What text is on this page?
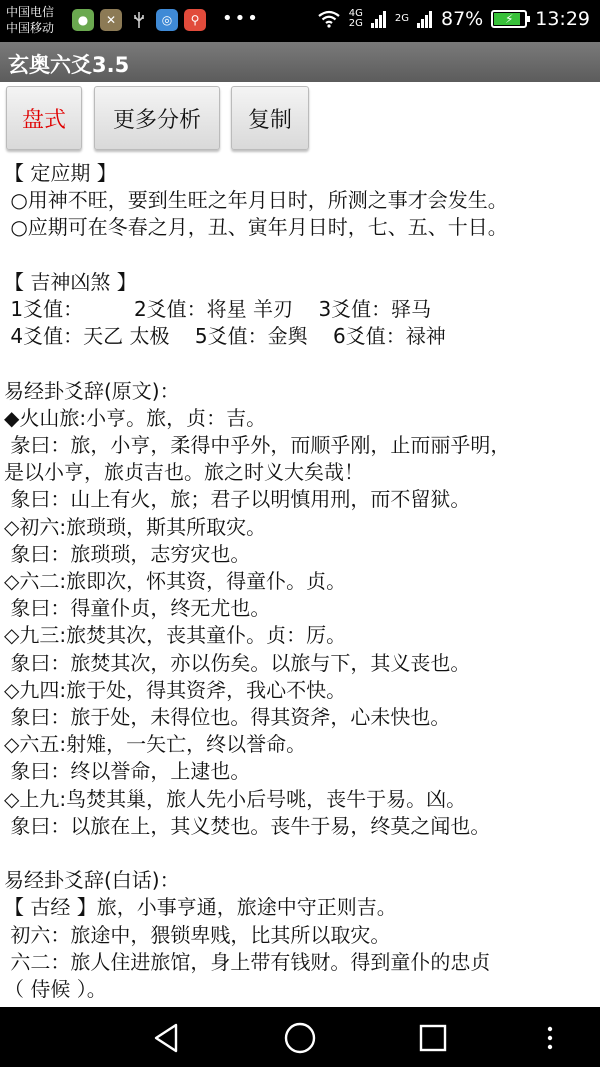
中国电信
中国移动
●	✕	◎	⚲	•••	4G
2G	2G 87% ⚡ 13:29
玄奥六爻3.5
盘式	更多分析	复制
【 定应期 】
○用神不旺，要到生旺之年月日时，所测之事才会发生。
○应期可在冬春之月，丑、寅年月日时，七、五、十日。
【 吉神凶煞 】
1爻值：        2爻值：将星 羊刃    3爻值：驿马
4爻值：天乙 太极    5爻值：金舆    6爻值：禄神
易经卦爻辞(原文)：
◆火山旅:小亨。旅，贞：吉。
彖曰：旅，小亨，柔得中乎外，而顺乎刚，止而丽乎明，
是以小亨，旅贞吉也。旅之时义大矣哉！
象曰：山上有火，旅；君子以明慎用刑，而不留狱。
◇初六:旅琐琐，斯其所取灾。
象曰：旅琐琐，志穷灾也。
◇六二:旅即次，怀其资，得童仆。贞。
象曰：得童仆贞，终无尤也。
◇九三:旅焚其次，丧其童仆。贞：厉。
象曰：旅焚其次，亦以伤矣。以旅与下，其义丧也。
◇九四:旅于处，得其资斧，我心不快。
象曰：旅于处，未得位也。得其资斧，心未快也。
◇六五:射雉，一矢亡，终以誉命。
象曰：终以誉命，上逮也。
◇上九:鸟焚其巢，旅人先小后号咷，丧牛于易。凶。
象曰：以旅在上，其义焚也。丧牛于易，终莫之闻也。
易经卦爻辞(白话)：
【 古经 】旅，小事亨通，旅途中守正则吉。
初六：旅途中，猥锁卑贱，比其所以取灾。
六二：旅人住进旅馆，身上带有钱财。得到童仆的忠贞
（ 侍候 ）。
